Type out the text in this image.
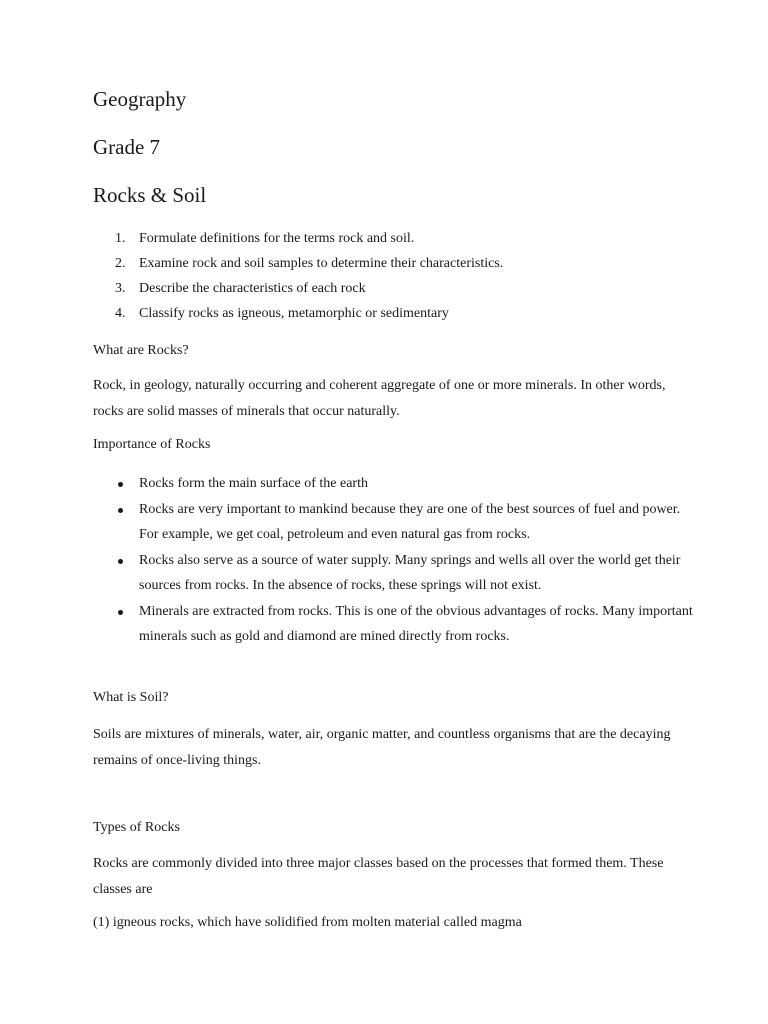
Geography
Grade 7
Rocks & Soil
1. Formulate definitions for the terms rock and soil.
2. Examine rock and soil samples to determine their characteristics.
3. Describe the characteristics of each rock
4. Classify rocks as igneous, metamorphic or sedimentary

What are Rocks?

Rock, in geology, naturally occurring and coherent aggregate of one or more minerals. In other words, rocks are solid masses of minerals that occur naturally.

Importance of Rocks

Rocks form the main surface of the earth
Rocks are very important to mankind because they are one of the best sources of fuel and power. For example, we get coal, petroleum and even natural gas from rocks.
Rocks also serve as a source of water supply. Many springs and wells all over the world get their sources from rocks. In the absence of rocks, these springs will not exist.
Minerals are extracted from rocks. This is one of the obvious advantages of rocks. Many important minerals such as gold and diamond are mined directly from rocks.

What is Soil?

Soils are mixtures of minerals, water, air, organic matter, and countless organisms that are the decaying remains of once-living things.

Types of Rocks

Rocks are commonly divided into three major classes based on the processes that formed them. These classes are

(1) igneous rocks, which have solidified from molten material called magma
